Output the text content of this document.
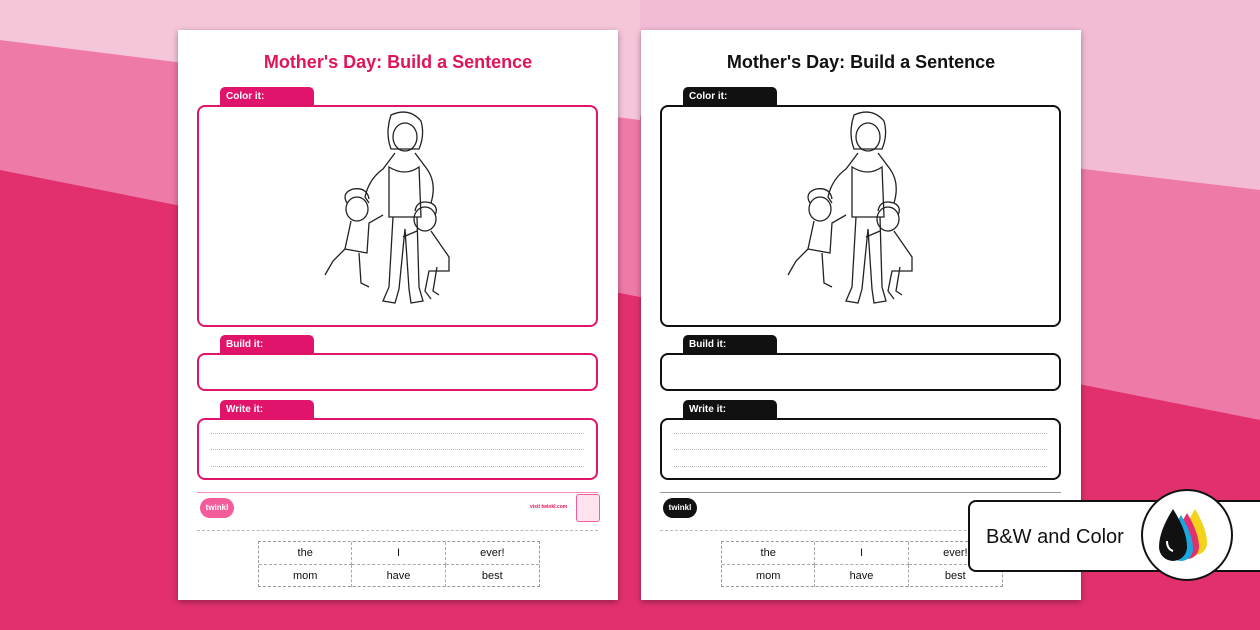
Mother's Day: Build a Sentence
Color it:
Build it:
Write it:
twinkl	visit twinkl.com
the	I	ever!
mom	have	best
Mother's Day: Build a Sentence
Color it:
Build it:
Write it:
twinkl
the	I	ever!
mom	have	best
B&W and Color
